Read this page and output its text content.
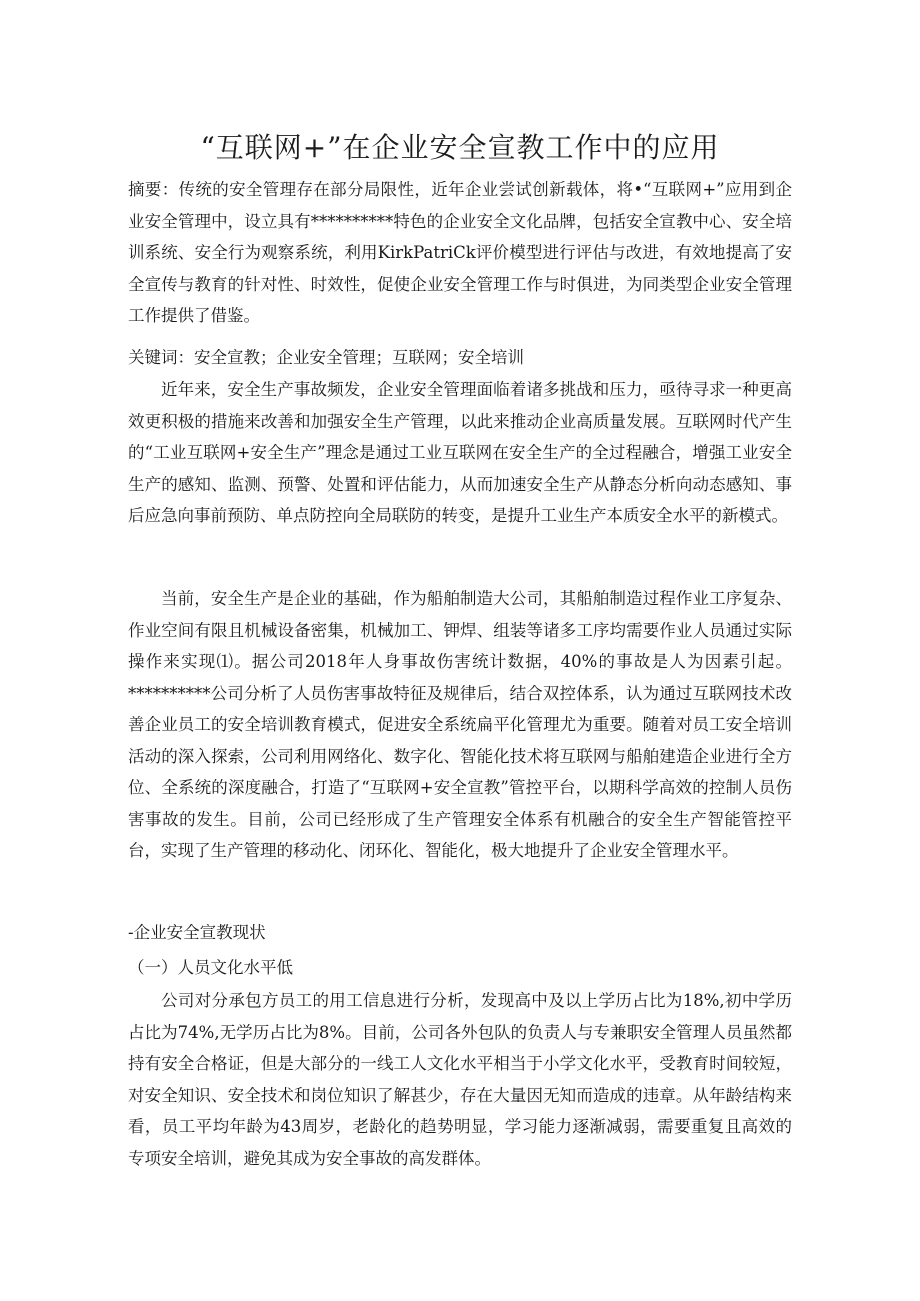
“互联网+”在企业安全宣教工作中的应用

摘要：传统的安全管理存在部分局限性，近年企业尝试创新载体，将•“互联网+”应用到企业安全管理中，设立具有**********特色的企业安全文化品牌，包括安全宣教中心、安全培训系统、安全行为观察系统，利用KirkPatriCk评价模型进行评估与改进，有效地提高了安全宣传与教育的针对性、时效性，促使企业安全管理工作与时俱进，为同类型企业安全管理工作提供了借鉴。

关键词：安全宣教；企业安全管理；互联网；安全培训

近年来，安全生产事故频发，企业安全管理面临着诸多挑战和压力，亟待寻求一种更高效更积极的措施来改善和加强安全生产管理，以此来推动企业高质量发展。互联网时代产生的“工业互联网+安全生产”理念是通过工业互联网在安全生产的全过程融合，增强工业安全生产的感知、监测、预警、处置和评估能力，从而加速安全生产从静态分析向动态感知、事后应急向事前预防、单点防控向全局联防的转变，是提升工业生产本质安全水平的新模式。

当前，安全生产是企业的基础，作为船舶制造大公司，其船舶制造过程作业工序复杂、作业空间有限且机械设备密集，机械加工、钾焊、组装等诸多工序均需要作业人员通过实际操作来实现⑴。据公司2018年人身事故伤害统计数据，40%的事故是人为因素引起。**********公司分析了人员伤害事故特征及规律后，结合双控体系，认为通过互联网技术改善企业员工的安全培训教育模式，促进安全系统扁平化管理尤为重要。随着对员工安全培训活动的深入探索，公司利用网络化、数字化、智能化技术将互联网与船舶建造企业进行全方位、全系统的深度融合，打造了“互联网+安全宣教”管控平台，以期科学高效的控制人员伤害事故的发生。目前，公司已经形成了生产管理安全体系有机融合的安全生产智能管控平台，实现了生产管理的移动化、闭环化、智能化，极大地提升了企业安全管理水平。

-企业安全宣教现状

（一）人员文化水平低

公司对分承包方员工的用工信息进行分析，发现高中及以上学历占比为18%,初中学历占比为74%,无学历占比为8%。目前，公司各外包队的负责人与专兼职安全管理人员虽然都持有安全合格证，但是大部分的一线工人文化水平相当于小学文化水平，受教育时间较短，对安全知识、安全技术和岗位知识了解甚少，存在大量因无知而造成的违章。从年龄结构来看，员工平均年龄为43周岁，老龄化的趋势明显，学习能力逐渐减弱，需要重复且高效的专项安全培训，避免其成为安全事故的高发群体。
